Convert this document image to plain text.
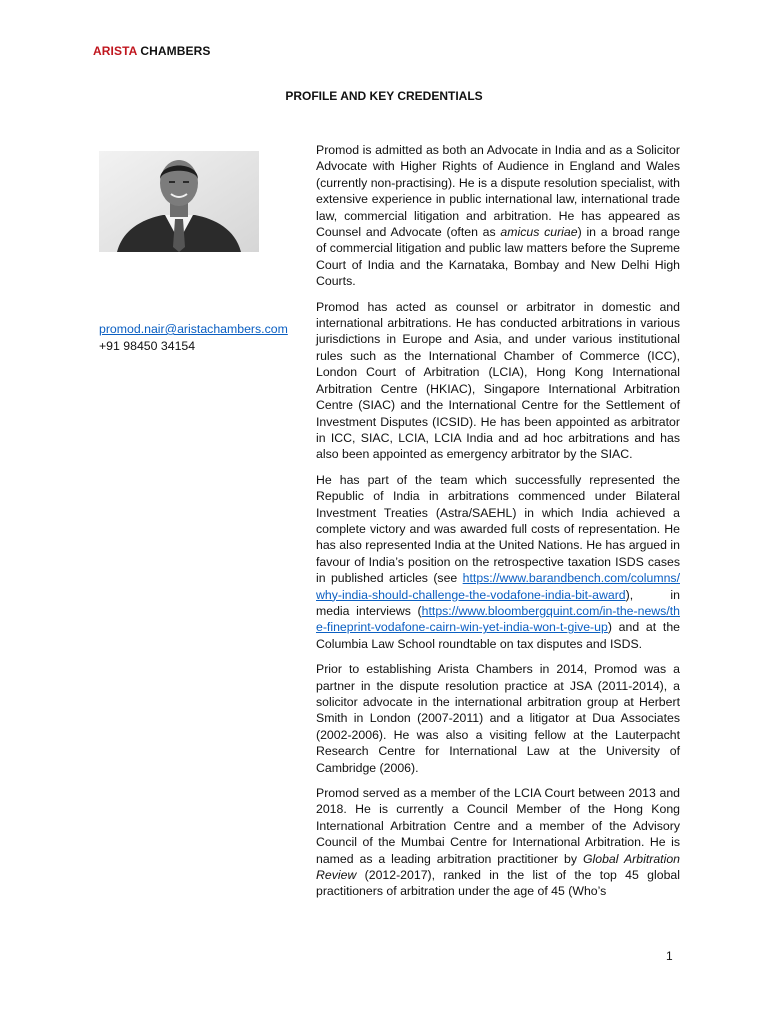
ARISTA CHAMBERS
PROFILE AND KEY CREDENTIALS
promod.nair@aristachambers.com
+91 98450 34154

Promod is admitted as both an Advocate in India and as a Solicitor Advocate with Higher Rights of Audience in England and Wales (currently non-practising). He is a dispute resolution specialist, with extensive experience in public international law, international trade law, commercial litigation and arbitration. He has appeared as Counsel and Advocate (often as amicus curiae) in a broad range of commercial litigation and public law matters before the Supreme Court of India and the Karnataka, Bombay and New Delhi High Courts.

Promod has acted as counsel or arbitrator in domestic and international arbitrations. He has conducted arbitrations in various jurisdictions in Europe and Asia, and under various institutional rules such as the International Chamber of Commerce (ICC), London Court of Arbitration (LCIA), Hong Kong International Arbitration Centre (HKIAC), Singapore International Arbitration Centre (SIAC) and the International Centre for the Settlement of Investment Disputes (ICSID). He has been appointed as arbitrator in ICC, SIAC, LCIA, LCIA India and ad hoc arbitrations and has also been appointed as emergency arbitrator by the SIAC.

He has part of the team which successfully represented the Republic of India in arbitrations commenced under Bilateral Investment Treaties (Astra/SAEHL) in which India achieved a complete victory and was awarded full costs of representation. He has also represented India at the United Nations. He has argued in favour of India’s position on the retrospective taxation ISDS cases in published articles (see https://www.barandbench.com/columns/why-india-should-challenge-the-vodafone-india-bit-award), in media interviews (https://www.bloombergquint.com/in-the-news/the-fineprint-vodafone-cairn-win-yet-india-won-t-give-up) and at the Columbia Law School roundtable on tax disputes and ISDS.

Prior to establishing Arista Chambers in 2014, Promod was a partner in the dispute resolution practice at JSA (2011-2014), a solicitor advocate in the international arbitration group at Herbert Smith in London (2007-2011) and a litigator at Dua Associates (2002-2006). He was also a visiting fellow at the Lauterpacht Research Centre for International Law at the University of Cambridge (2006).

Promod served as a member of the LCIA Court between 2013 and 2018. He is currently a Council Member of the Hong Kong International Arbitration Centre and a member of the Advisory Council of the Mumbai Centre for International Arbitration. He is named as a leading arbitration practitioner by Global Arbitration Review (2012-2017), ranked in the list of the top 45 global practitioners of arbitration under the age of 45 (Who’s

1
